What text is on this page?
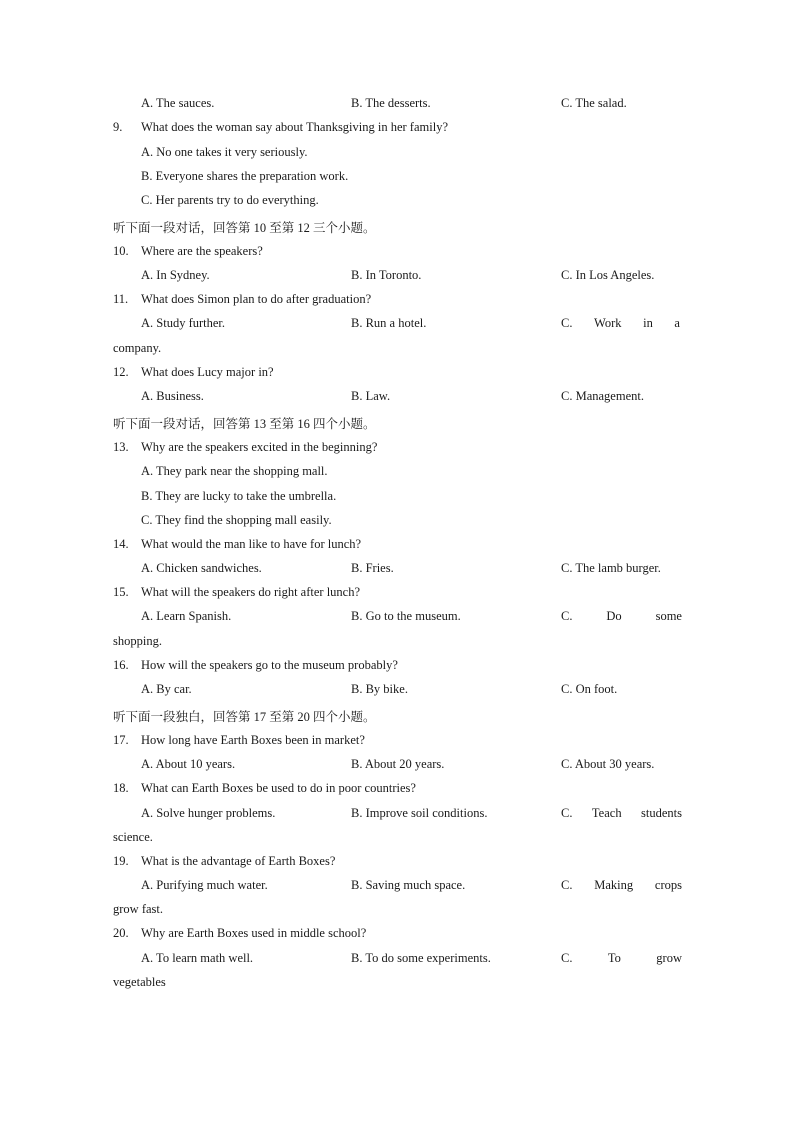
A. The sauces.	B. The desserts.	C. The salad.
9. What does the woman say about Thanksgiving in her family?
A. No one takes it very seriously.
B. Everyone shares the preparation work.
C. Her parents try to do everything.
听下面一段对话，回答第 10 至第 12 三个小题。
10. Where are the speakers?
A. In Sydney.	B. In Toronto.	C. In Los Angeles.
11. What does Simon plan to do after graduation?
A. Study further.	B. Run a hotel.	C. Work in a
company.
12. What does Lucy major in?
A. Business.	B. Law.	C. Management.
听下面一段对话，回答第 13 至第 16 四个小题。
13. Why are the speakers excited in the beginning?
A. They park near the shopping mall.
B. They are lucky to take the umbrella.
C. They find the shopping mall easily.
14. What would the man like to have for lunch?
A. Chicken sandwiches.	B. Fries.	C. The lamb burger.
15. What will the speakers do right after lunch?
A. Learn Spanish.	B. Go to the museum.	C.	Do	some
shopping.
16. How will the speakers go to the museum probably?
A. By car.	B. By bike.	C. On foot.
听下面一段独白，回答第 17 至第 20 四个小题。
17. How long have Earth Boxes been in market?
A. About 10 years.	B. About 20 years.	C. About 30 years.
18. What can Earth Boxes be used to do in poor countries?
A. Solve hunger problems.	B. Improve soil conditions.	C. Teach students
science.
19. What is the advantage of Earth Boxes?
A. Purifying much water.	B. Saving much space.	C. Making crops
grow fast.
20. Why are Earth Boxes used in middle school?
A. To learn math well.	B. To do some experiments.	C.	To	grow
vegetables
